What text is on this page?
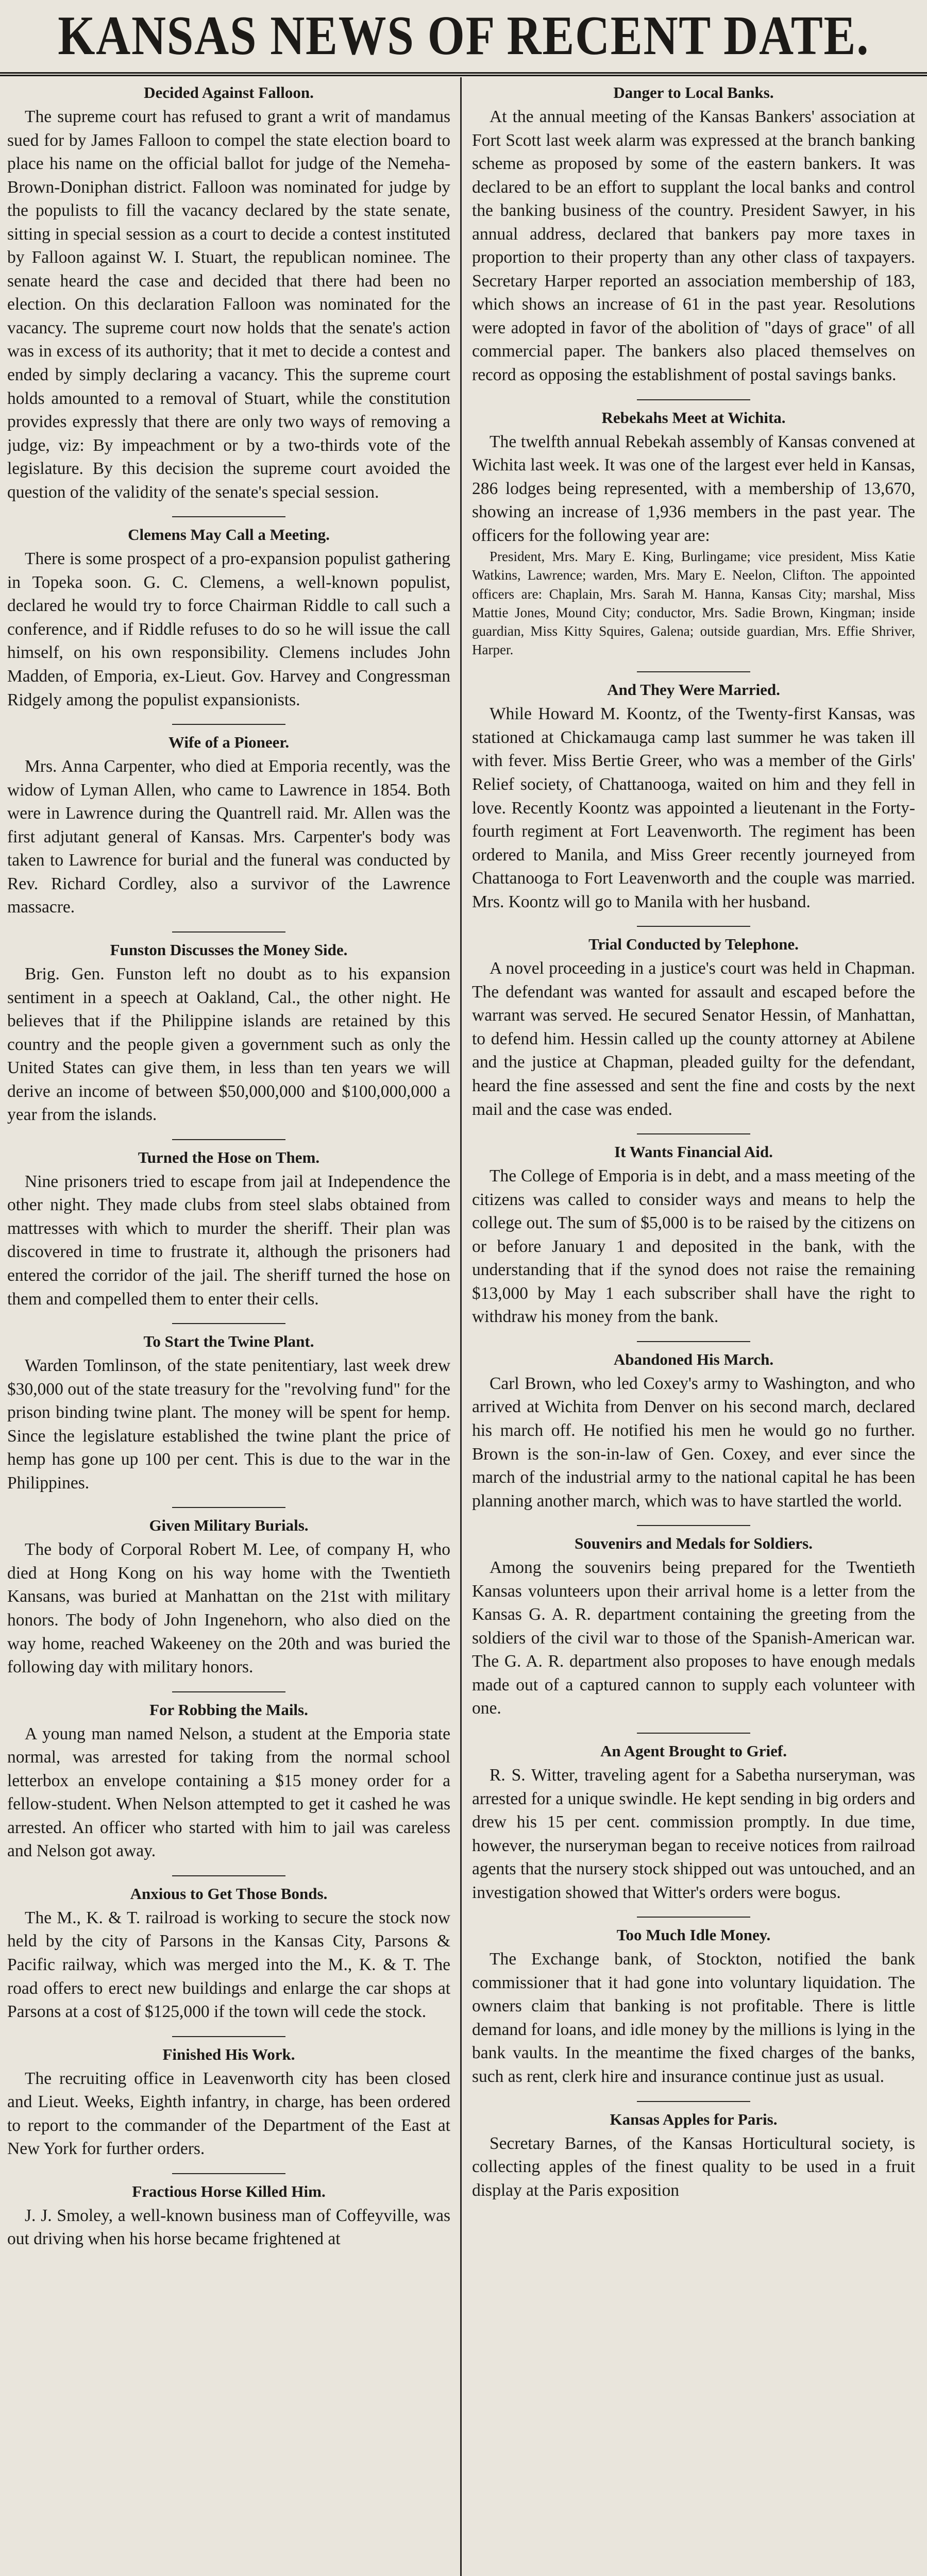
KANSAS NEWS OF RECENT DATE.
Decided Against Falloon.

The supreme court has refused to grant a writ of mandamus sued for by James Falloon to compel the state election board to place his name on the official ballot for judge of the Nemeha-Brown-Doniphan district. Falloon was nominated for judge by the populists to fill the vacancy declared by the state senate, sitting in special session as a court to decide a contest instituted by Falloon against W. I. Stuart, the republican nominee. The senate heard the case and decided that there had been no election. On this declaration Falloon was nominated for the vacancy. The supreme court now holds that the senate's action was in excess of its authority; that it met to decide a contest and ended by simply declaring a vacancy. This the supreme court holds amounted to a removal of Stuart, while the constitution provides expressly that there are only two ways of removing a judge, viz: By impeachment or by a two-thirds vote of the legislature. By this decision the supreme court avoided the question of the validity of the senate's special session.

Clemens May Call a Meeting.

There is some prospect of a pro-expansion populist gathering in Topeka soon. G. C. Clemens, a well-known populist, declared he would try to force Chairman Riddle to call such a conference, and if Riddle refuses to do so he will issue the call himself, on his own responsibility. Clemens includes John Madden, of Emporia, ex-Lieut. Gov. Harvey and Congressman Ridgely among the populist expansionists.

Wife of a Pioneer.

Mrs. Anna Carpenter, who died at Emporia recently, was the widow of Lyman Allen, who came to Lawrence in 1854. Both were in Lawrence during the Quantrell raid. Mr. Allen was the first adjutant general of Kansas. Mrs. Carpenter's body was taken to Lawrence for burial and the funeral was conducted by Rev. Richard Cordley, also a survivor of the Lawrence massacre.

Funston Discusses the Money Side.

Brig. Gen. Funston left no doubt as to his expansion sentiment in a speech at Oakland, Cal., the other night. He believes that if the Philippine islands are retained by this country and the people given a government such as only the United States can give them, in less than ten years we will derive an income of between $50,000,000 and $100,000,000 a year from the islands.

Turned the Hose on Them.

Nine prisoners tried to escape from jail at Independence the other night. They made clubs from steel slabs obtained from mattresses with which to murder the sheriff. Their plan was discovered in time to frustrate it, although the prisoners had entered the corridor of the jail. The sheriff turned the hose on them and compelled them to enter their cells.

To Start the Twine Plant.

Warden Tomlinson, of the state penitentiary, last week drew $30,000 out of the state treasury for the "revolving fund" for the prison binding twine plant. The money will be spent for hemp. Since the legislature established the twine plant the price of hemp has gone up 100 per cent. This is due to the war in the Philippines.

Given Military Burials.

The body of Corporal Robert M. Lee, of company H, who died at Hong Kong on his way home with the Twentieth Kansans, was buried at Manhattan on the 21st with military honors. The body of John Ingenehorn, who also died on the way home, reached Wakeeney on the 20th and was buried the following day with military honors.

For Robbing the Mails.

A young man named Nelson, a student at the Emporia state normal, was arrested for taking from the normal school letterbox an envelope containing a $15 money order for a fellow-student. When Nelson attempted to get it cashed he was arrested. An officer who started with him to jail was careless and Nelson got away.

Anxious to Get Those Bonds.

The M., K. & T. railroad is working to secure the stock now held by the city of Parsons in the Kansas City, Parsons & Pacific railway, which was merged into the M., K. & T. The road offers to erect new buildings and enlarge the car shops at Parsons at a cost of $125,000 if the town will cede the stock.

Finished His Work.

The recruiting office in Leavenworth city has been closed and Lieut. Weeks, Eighth infantry, in charge, has been ordered to report to the commander of the Department of the East at New York for further orders.

Fractious Horse Killed Him.

J. J. Smoley, a well-known business man of Coffeyville, was out driving when his horse became frightened at

Danger to Local Banks.

At the annual meeting of the Kansas Bankers' association at Fort Scott last week alarm was expressed at the branch banking scheme as proposed by some of the eastern bankers. It was declared to be an effort to supplant the local banks and control the banking business of the country. President Sawyer, in his annual address, declared that bankers pay more taxes in proportion to their property than any other class of taxpayers. Secretary Harper reported an association membership of 183, which shows an increase of 61 in the past year. Resolutions were adopted in favor of the abolition of "days of grace" of all commercial paper. The bankers also placed themselves on record as opposing the establishment of postal savings banks.

Rebekahs Meet at Wichita.

The twelfth annual Rebekah assembly of Kansas convened at Wichita last week. It was one of the largest ever held in Kansas, 286 lodges being represented, with a membership of 13,670, showing an increase of 1,936 members in the past year. The officers for the following year are:

President, Mrs. Mary E. King, Burlingame; vice president, Miss Katie Watkins, Lawrence; warden, Mrs. Mary E. Neelon, Clifton. The appointed officers are: Chaplain, Mrs. Sarah M. Hanna, Kansas City; marshal, Miss Mattie Jones, Mound City; conductor, Mrs. Sadie Brown, Kingman; inside guardian, Miss Kitty Squires, Galena; outside guardian, Mrs. Effie Shriver, Harper.

And They Were Married.

While Howard M. Koontz, of the Twenty-first Kansas, was stationed at Chickamauga camp last summer he was taken ill with fever. Miss Bertie Greer, who was a member of the Girls' Relief society, of Chattanooga, waited on him and they fell in love. Recently Koontz was appointed a lieutenant in the Forty-fourth regiment at Fort Leavenworth. The regiment has been ordered to Manila, and Miss Greer recently journeyed from Chattanooga to Fort Leavenworth and the couple was married. Mrs. Koontz will go to Manila with her husband.

Trial Conducted by Telephone.

A novel proceeding in a justice's court was held in Chapman. The defendant was wanted for assault and escaped before the warrant was served. He secured Senator Hessin, of Manhattan, to defend him. Hessin called up the county attorney at Abilene and the justice at Chapman, pleaded guilty for the defendant, heard the fine assessed and sent the fine and costs by the next mail and the case was ended.

It Wants Financial Aid.

The College of Emporia is in debt, and a mass meeting of the citizens was called to consider ways and means to help the college out. The sum of $5,000 is to be raised by the citizens on or before January 1 and deposited in the bank, with the understanding that if the synod does not raise the remaining $13,000 by May 1 each subscriber shall have the right to withdraw his money from the bank.

Abandoned His March.

Carl Brown, who led Coxey's army to Washington, and who arrived at Wichita from Denver on his second march, declared his march off. He notified his men he would go no further. Brown is the son-in-law of Gen. Coxey, and ever since the march of the industrial army to the national capital he has been planning another march, which was to have startled the world.

Souvenirs and Medals for Soldiers.

Among the souvenirs being prepared for the Twentieth Kansas volunteers upon their arrival home is a letter from the Kansas G. A. R. department containing the greeting from the soldiers of the civil war to those of the Spanish-American war. The G. A. R. department also proposes to have enough medals made out of a captured cannon to supply each volunteer with one.

An Agent Brought to Grief.

R. S. Witter, traveling agent for a Sabetha nurseryman, was arrested for a unique swindle. He kept sending in big orders and drew his 15 per cent. commission promptly. In due time, however, the nurseryman began to receive notices from railroad agents that the nursery stock shipped out was untouched, and an investigation showed that Witter's orders were bogus.

Too Much Idle Money.

The Exchange bank, of Stockton, notified the bank commissioner that it had gone into voluntary liquidation. The owners claim that banking is not profitable. There is little demand for loans, and idle money by the millions is lying in the bank vaults. In the meantime the fixed charges of the banks, such as rent, clerk hire and insurance continue just as usual.

Kansas Apples for Paris.

Secretary Barnes, of the Kansas Horticultural society, is collecting apples of the finest quality to be used in a fruit display at the Paris exposition
